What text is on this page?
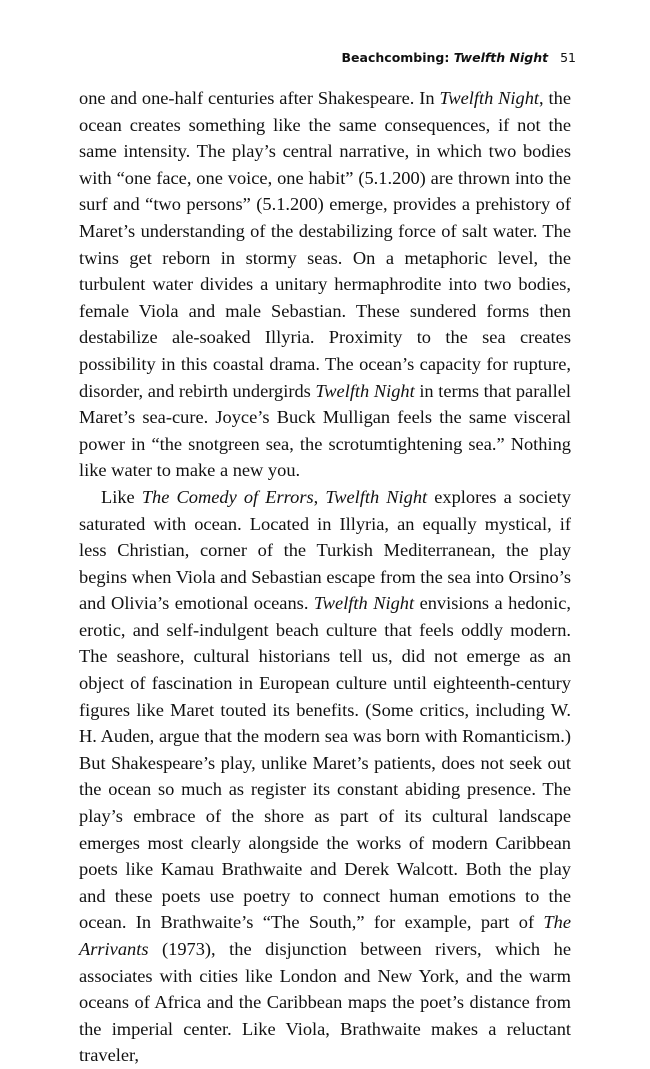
Beachcombing: Twelfth Night 51

one and one-half centuries after Shakespeare. In Twelfth Night, the ocean creates something like the same consequences, if not the same intensity. The play’s central narrative, in which two bodies with “one face, one voice, one habit” (5.1.200) are thrown into the surf and “two persons” (5.1.200) emerge, provides a prehistory of Maret’s understanding of the destabilizing force of salt water. The twins get reborn in stormy seas. On a metaphoric level, the turbulent water divides a unitary hermaphrodite into two bodies, female Viola and male Sebastian. These sundered forms then destabilize ale-soaked Illyria. Proximity to the sea creates possibility in this coastal drama. The ocean’s capacity for rupture, disorder, and rebirth undergirds Twelfth Night in terms that parallel Maret’s sea-cure. Joyce’s Buck Mulligan feels the same visceral power in “the snotgreen sea, the scrotumtightening sea.” Nothing like water to make a new you.

Like The Comedy of Errors, Twelfth Night explores a society saturated with ocean. Located in Illyria, an equally mystical, if less Christian, corner of the Turkish Mediterranean, the play begins when Viola and Sebastian escape from the sea into Orsino’s and Olivia’s emotional oceans. Twelfth Night envisions a hedonic, erotic, and self-indulgent beach culture that feels oddly modern. The seashore, cultural historians tell us, did not emerge as an object of fascination in European culture until eighteenth-century figures like Maret touted its benefits. (Some critics, including W. H. Auden, argue that the modern sea was born with Romanticism.) But Shakespeare’s play, unlike Maret’s patients, does not seek out the ocean so much as register its constant abiding presence. The play’s embrace of the shore as part of its cultural landscape emerges most clearly alongside the works of modern Caribbean poets like Kamau Brathwaite and Derek Walcott. Both the play and these poets use poetry to connect human emotions to the ocean. In Brathwaite’s “The South,” for example, part of The Arrivants (1973), the disjunction between rivers, which he associates with cities like London and New York, and the warm oceans of Africa and the Caribbean maps the poet’s distance from the imperial center. Like Viola, Brathwaite makes a reluctant traveler,
